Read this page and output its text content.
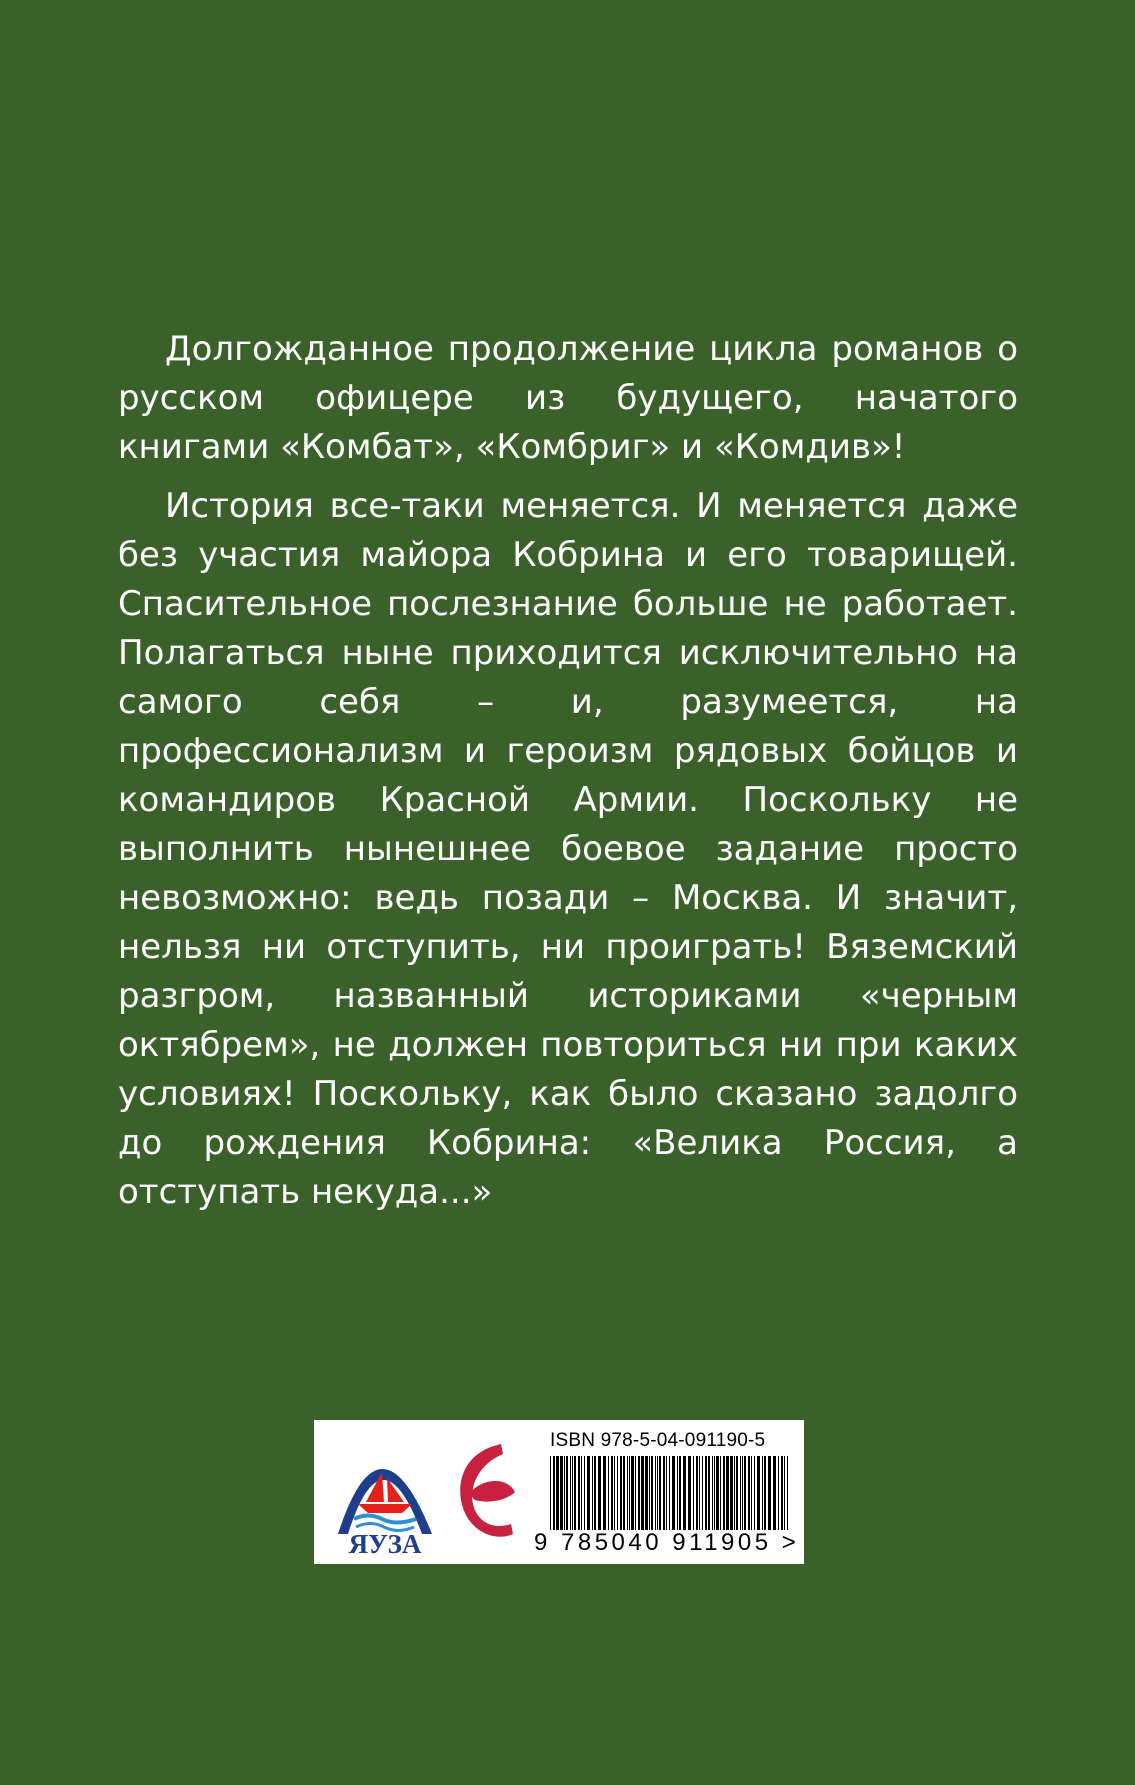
Долгожданное продолжение цикла романов о русском офицере из будущего, начатого книгами «Комбат», «Комбриг» и «Комдив»!

История все-таки меняется. И меняется даже без участия майора Кобрина и его товарищей. Спасительное послезнание больше не работает. Полагаться ныне приходится исключительно на самого себя – и, разумеется, на профессионализм и героизм рядовых бойцов и командиров Красной Армии. Поскольку не выполнить нынешнее боевое задание просто невозможно: ведь позади – Москва. И значит, нельзя ни отступить, ни проиграть! Вяземский разгром, названный историками «черным октябрем», не должен повториться ни при каких условиях! Поскольку, как было сказано задолго до рождения Кобрина: «Велика Россия, а отступать некуда...»

ЯУЗА
ISBN 978-5-04-091190-5
9 785040 911905 >
